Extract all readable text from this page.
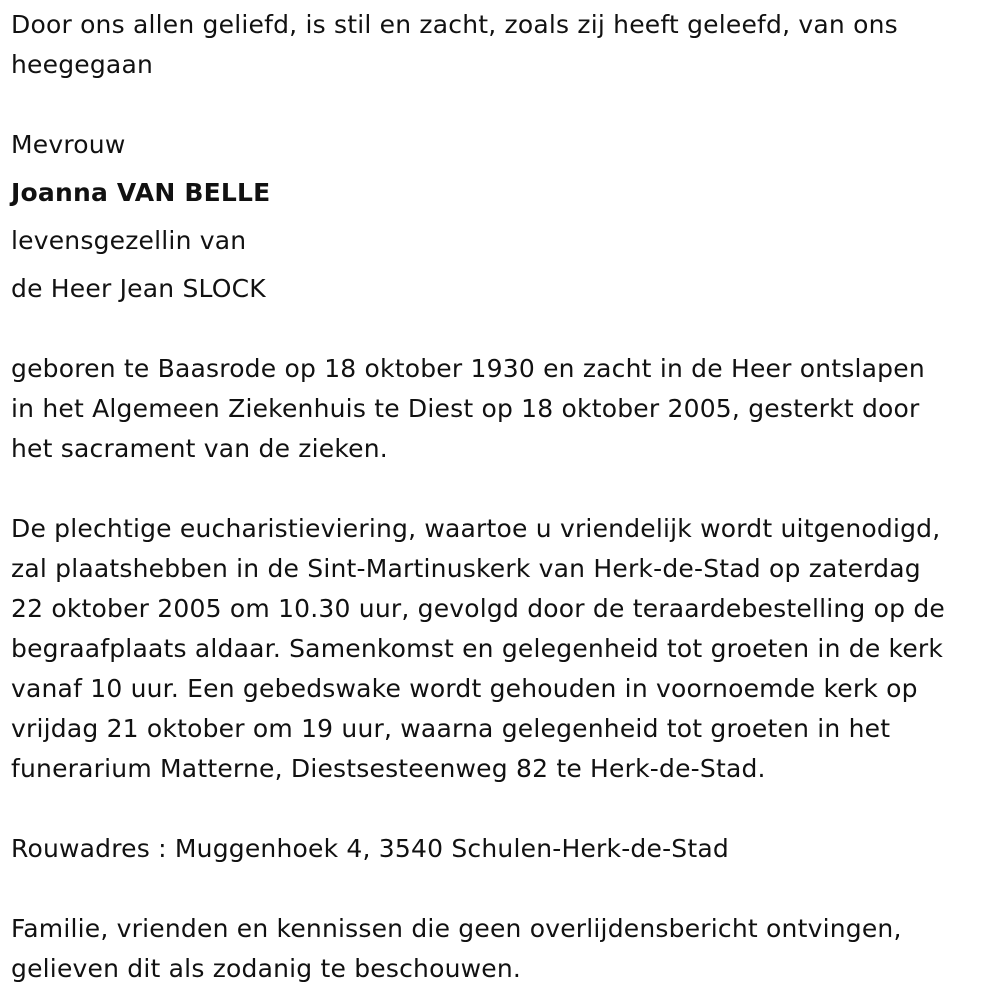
Door ons allen geliefd, is stil en zacht, zoals zij heeft geleefd, van ons
heegegaan
Mevrouw
Joanna VAN BELLE
levensgezellin van
de Heer Jean SLOCK
geboren te Baasrode op 18 oktober 1930 en zacht in de Heer ontslapen
in het Algemeen Ziekenhuis te Diest op 18 oktober 2005, gesterkt door
het sacrament van de zieken.
De plechtige eucharistieviering, waartoe u vriendelijk wordt uitgenodigd,
zal plaatshebben in de Sint-Martinuskerk van Herk-de-Stad op zaterdag
22 oktober 2005 om 10.30 uur, gevolgd door de teraardebestelling op de
begraafplaats aldaar. Samenkomst en gelegenheid tot groeten in de kerk
vanaf 10 uur. Een gebedswake wordt gehouden in voornoemde kerk op
vrijdag 21 oktober om 19 uur, waarna gelegenheid tot groeten in het
funerarium Matterne, Diestsesteenweg 82 te Herk-de-Stad.
Rouwadres : Muggenhoek 4, 3540 Schulen-Herk-de-Stad
Familie, vrienden en kennissen die geen overlijdensbericht ontvingen,
gelieven dit als zodanig te beschouwen.
